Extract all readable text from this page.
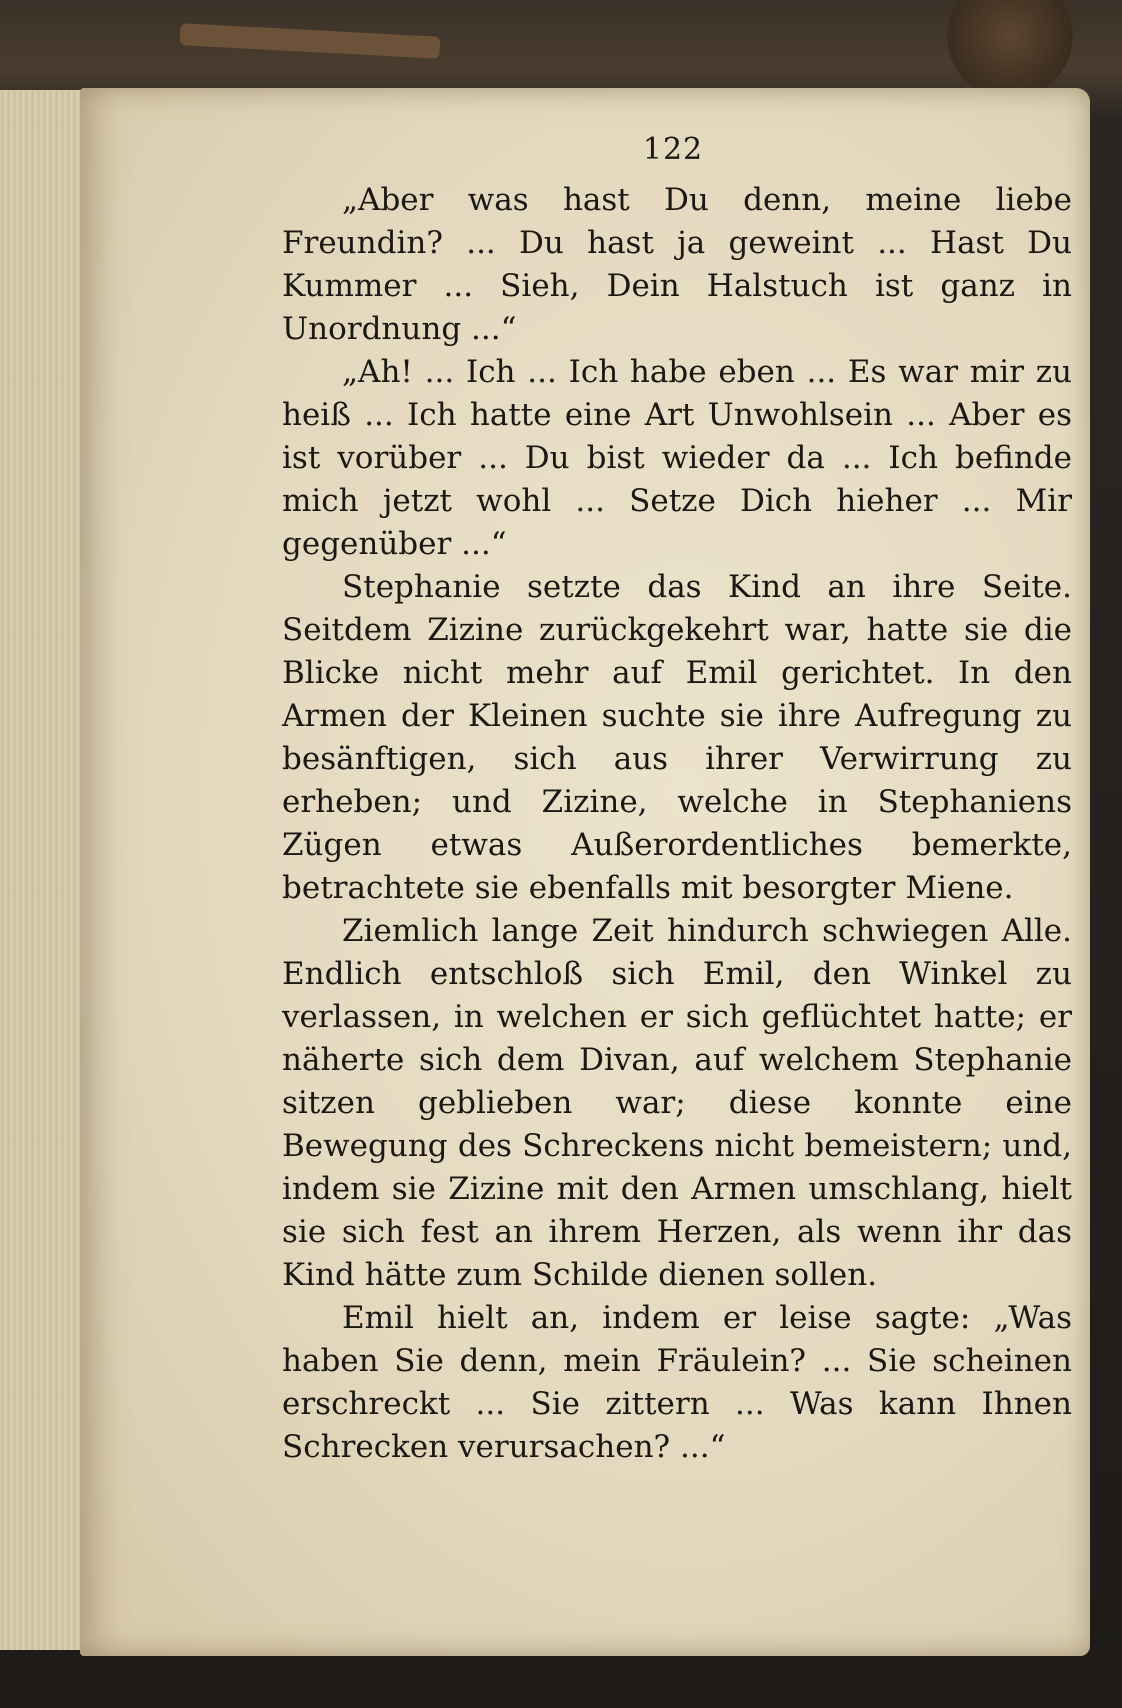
122

„Aber was hast Du denn, meine liebe Freundin? ... Du hast ja geweint ... Hast Du Kummer ... Sieh, Dein Halstuch ist ganz in Unordnung ...“

„Ah! ... Ich ... Ich habe eben ... Es war mir zu heiß ... Ich hatte eine Art Unwohlsein ... Aber es ist vorüber ... Du bist wieder da ... Ich befinde mich jetzt wohl ... Setze Dich hieher ... Mir gegenüber ...“

Stephanie setzte das Kind an ihre Seite. Seitdem Zizine zurückgekehrt war, hatte sie die Blicke nicht mehr auf Emil gerichtet. In den Armen der Kleinen suchte sie ihre Aufregung zu besänftigen, sich aus ihrer Verwirrung zu erheben; und Zizine, welche in Stephaniens Zügen etwas Außerordentliches bemerkte, betrachtete sie ebenfalls mit besorgter Miene.

Ziemlich lange Zeit hindurch schwiegen Alle. Endlich entschloß sich Emil, den Winkel zu verlassen, in welchen er sich geflüchtet hatte; er näherte sich dem Divan, auf welchem Stephanie sitzen geblieben war; diese konnte eine Bewegung des Schreckens nicht bemeistern; und, indem sie Zizine mit den Armen umschlang, hielt sie sich fest an ihrem Herzen, als wenn ihr das Kind hätte zum Schilde dienen sollen.

Emil hielt an, indem er leise sagte: „Was haben Sie denn, mein Fräulein? ... Sie scheinen erschreckt ... Sie zittern ... Was kann Ihnen Schrecken verursachen? ...“
